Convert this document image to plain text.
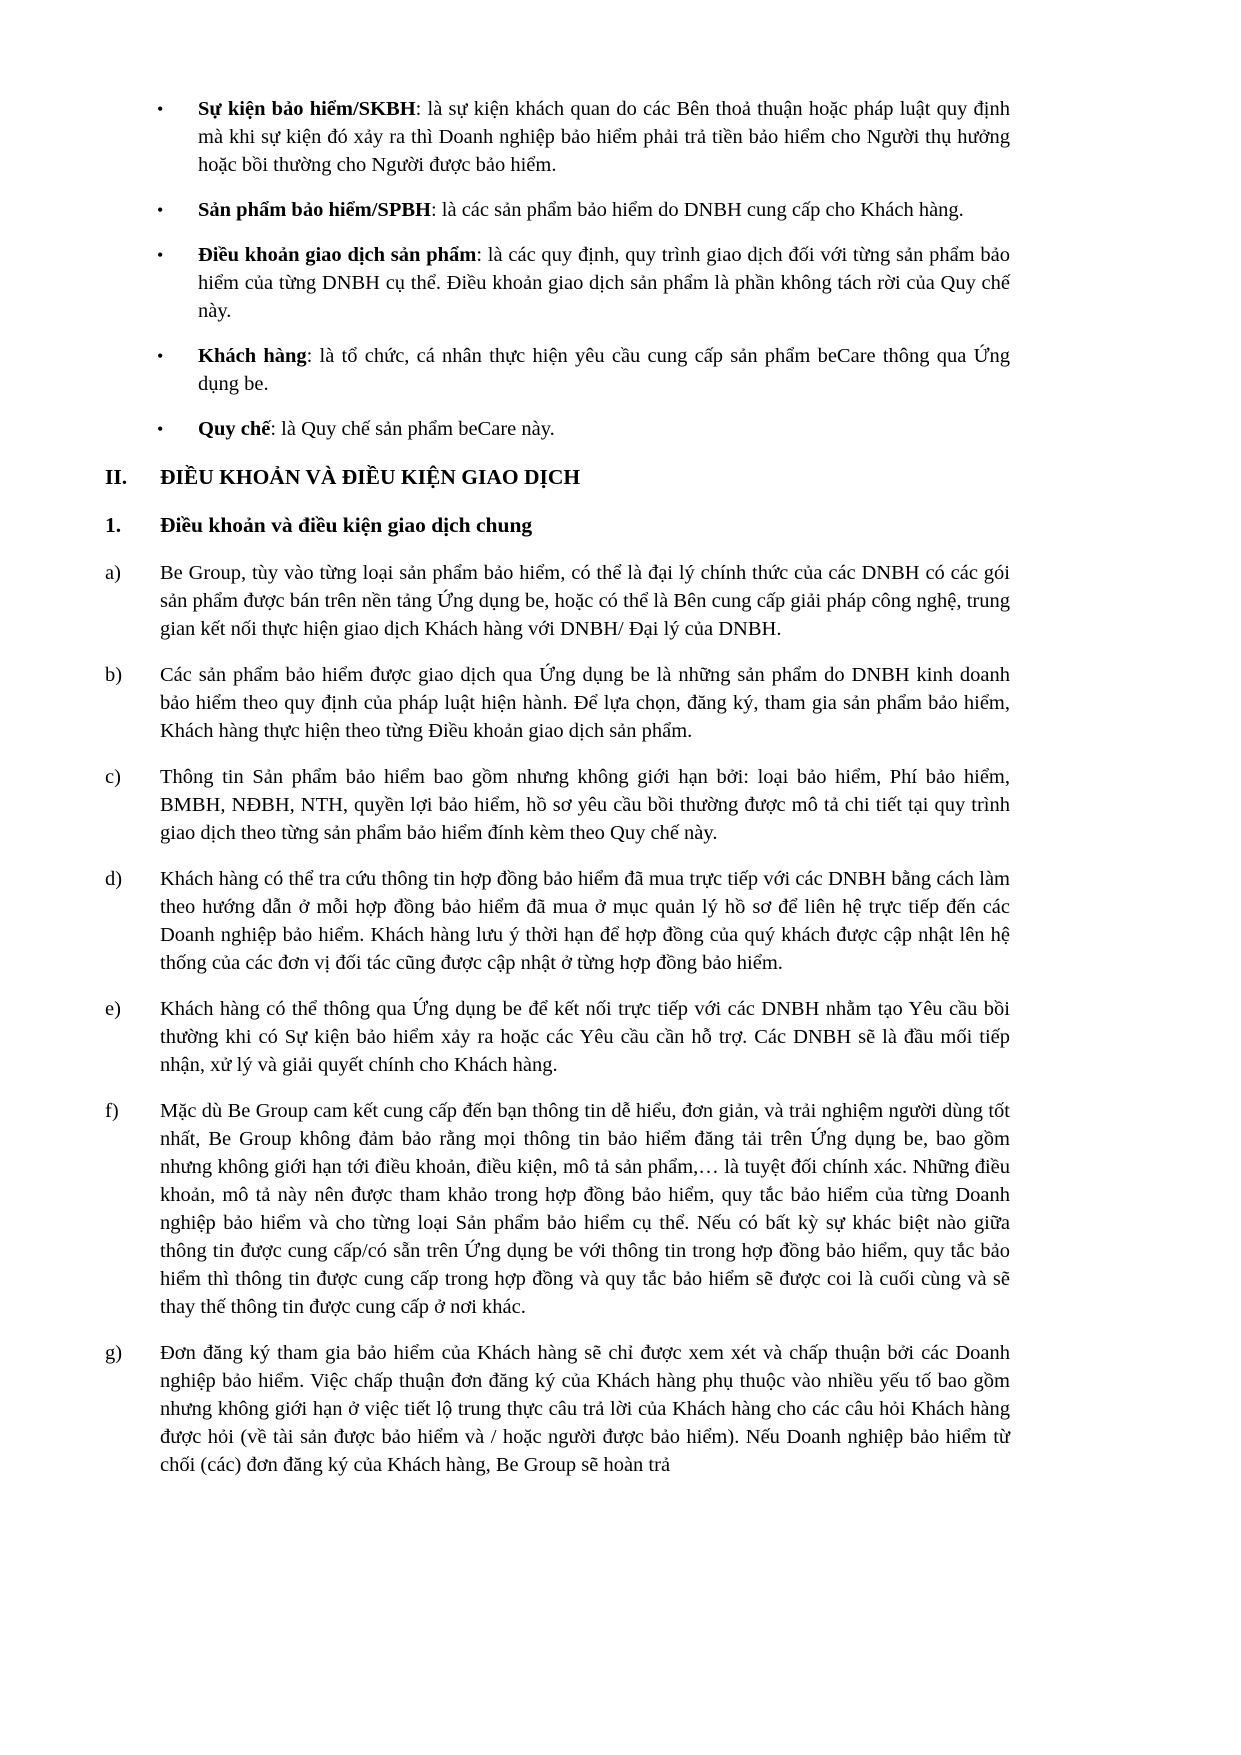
• Sự kiện bảo hiểm/SKBH: là sự kiện khách quan do các Bên thoả thuận hoặc pháp luật quy định mà khi sự kiện đó xảy ra thì Doanh nghiệp bảo hiểm phải trả tiền bảo hiểm cho Người thụ hưởng hoặc bồi thường cho Người được bảo hiểm.
• Sản phẩm bảo hiểm/SPBH: là các sản phẩm bảo hiểm do DNBH cung cấp cho Khách hàng.
• Điều khoản giao dịch sản phẩm: là các quy định, quy trình giao dịch đối với từng sản phẩm bảo hiểm của từng DNBH cụ thể. Điều khoản giao dịch sản phẩm là phần không tách rời của Quy chế này.
• Khách hàng: là tổ chức, cá nhân thực hiện yêu cầu cung cấp sản phẩm beCare thông qua Ứng dụng be.
• Quy chế: là Quy chế sản phẩm beCare này.
II. ĐIỀU KHOẢN VÀ ĐIỀU KIỆN GIAO DỊCH
1. Điều khoản và điều kiện giao dịch chung
a) Be Group, tùy vào từng loại sản phẩm bảo hiểm, có thể là đại lý chính thức của các DNBH có các gói sản phẩm được bán trên nền tảng Ứng dụng be, hoặc có thể là Bên cung cấp giải pháp công nghệ, trung gian kết nối thực hiện giao dịch Khách hàng với DNBH/ Đại lý của DNBH.
b) Các sản phẩm bảo hiểm được giao dịch qua Ứng dụng be là những sản phẩm do DNBH kinh doanh bảo hiểm theo quy định của pháp luật hiện hành. Để lựa chọn, đăng ký, tham gia sản phẩm bảo hiểm, Khách hàng thực hiện theo từng Điều khoản giao dịch sản phẩm.
c) Thông tin Sản phẩm bảo hiểm bao gồm nhưng không giới hạn bởi: loại bảo hiểm, Phí bảo hiểm, BMBH, NĐBH, NTH, quyền lợi bảo hiểm, hồ sơ yêu cầu bồi thường được mô tả chi tiết tại quy trình giao dịch theo từng sản phẩm bảo hiểm đính kèm theo Quy chế này.
d) Khách hàng có thể tra cứu thông tin hợp đồng bảo hiểm đã mua trực tiếp với các DNBH bằng cách làm theo hướng dẫn ở mỗi hợp đồng bảo hiểm đã mua ở mục quản lý hồ sơ để liên hệ trực tiếp đến các Doanh nghiệp bảo hiểm. Khách hàng lưu ý thời hạn để hợp đồng của quý khách được cập nhật lên hệ thống của các đơn vị đối tác cũng được cập nhật ở từng hợp đồng bảo hiểm.
e) Khách hàng có thể thông qua Ứng dụng be để kết nối trực tiếp với các DNBH nhằm tạo Yêu cầu bồi thường khi có Sự kiện bảo hiểm xảy ra hoặc các Yêu cầu cần hỗ trợ. Các DNBH sẽ là đầu mối tiếp nhận, xử lý và giải quyết chính cho Khách hàng.
f) Mặc dù Be Group cam kết cung cấp đến bạn thông tin dễ hiểu, đơn giản, và trải nghiệm người dùng tốt nhất, Be Group không đảm bảo rằng mọi thông tin bảo hiểm đăng tải trên Ứng dụng be, bao gồm nhưng không giới hạn tới điều khoản, điều kiện, mô tả sản phẩm,… là tuyệt đối chính xác. Những điều khoản, mô tả này nên được tham khảo trong hợp đồng bảo hiểm, quy tắc bảo hiểm của từng Doanh nghiệp bảo hiểm và cho từng loại Sản phẩm bảo hiểm cụ thể. Nếu có bất kỳ sự khác biệt nào giữa thông tin được cung cấp/có sẵn trên Ứng dụng be với thông tin trong hợp đồng bảo hiểm, quy tắc bảo hiểm thì thông tin được cung cấp trong hợp đồng và quy tắc bảo hiểm sẽ được coi là cuối cùng và sẽ thay thế thông tin được cung cấp ở nơi khác.
g) Đơn đăng ký tham gia bảo hiểm của Khách hàng sẽ chỉ được xem xét và chấp thuận bởi các Doanh nghiệp bảo hiểm. Việc chấp thuận đơn đăng ký của Khách hàng phụ thuộc vào nhiều yếu tố bao gồm nhưng không giới hạn ở việc tiết lộ trung thực câu trả lời của Khách hàng cho các câu hỏi Khách hàng được hỏi (về tài sản được bảo hiểm và / hoặc người được bảo hiểm). Nếu Doanh nghiệp bảo hiểm từ chối (các) đơn đăng ký của Khách hàng, Be Group sẽ hoàn trả
